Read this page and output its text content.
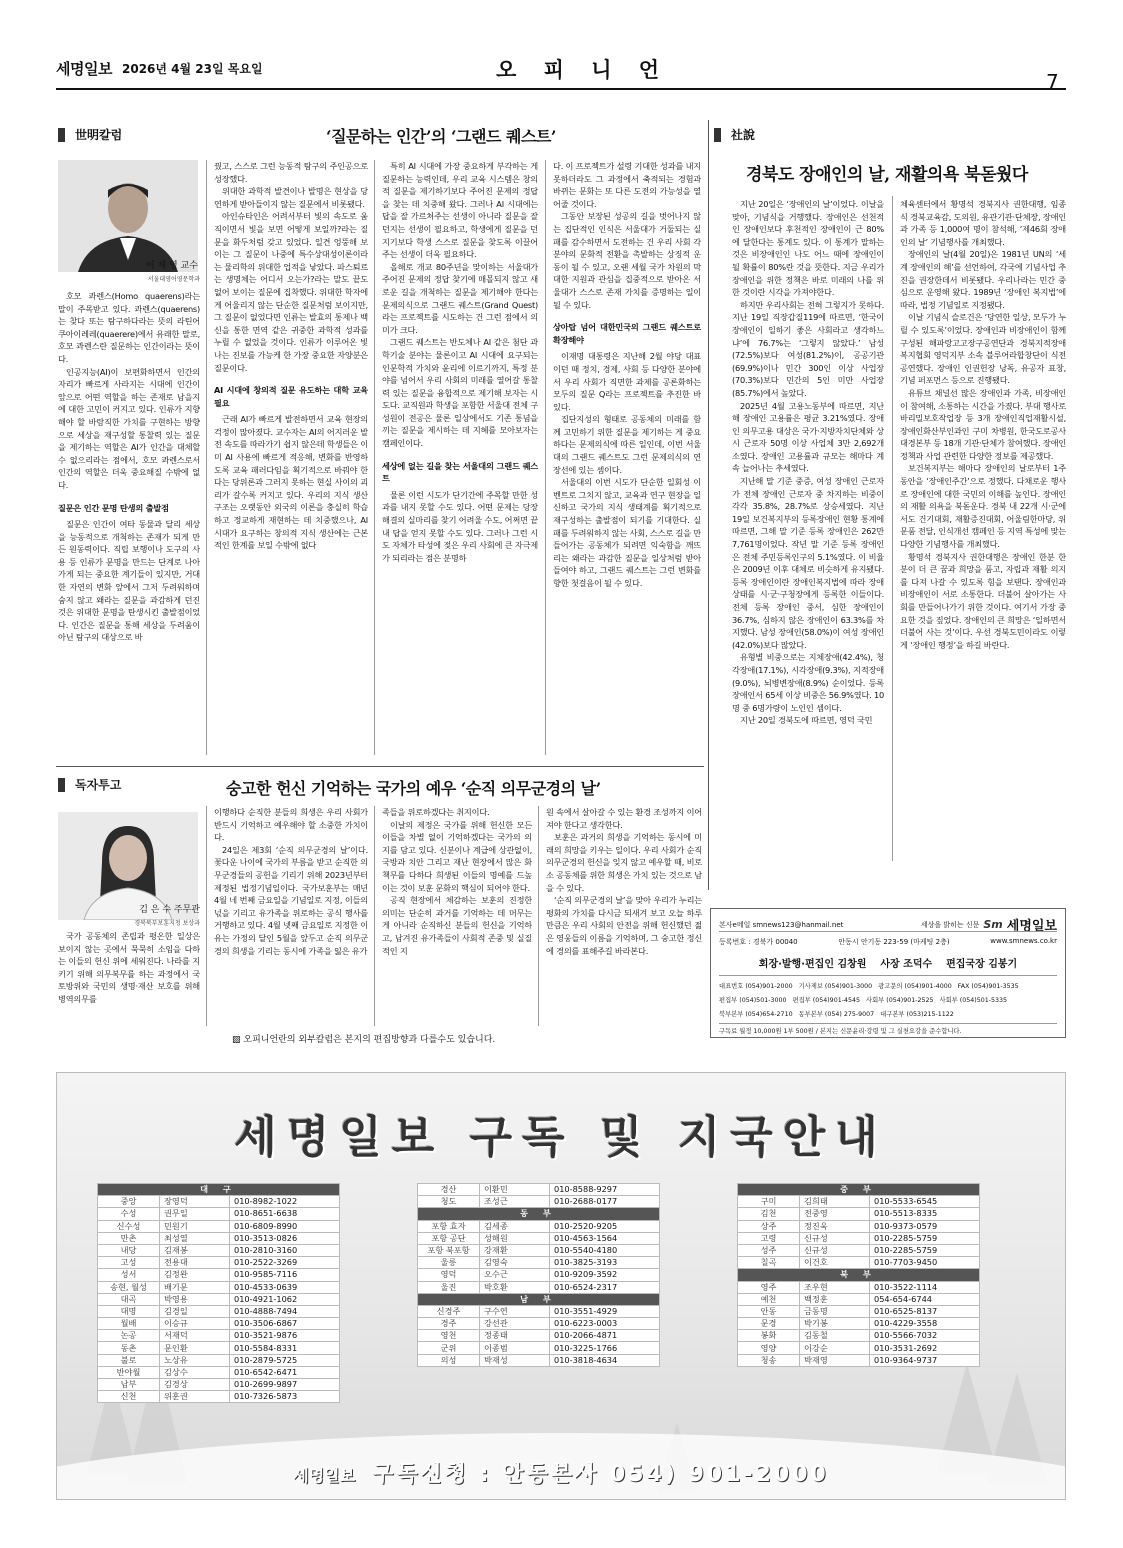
세명일보 2026년 4월 23일 목요일	오 피 니 언	7
世明칼럼	‘질문하는 인간’의 ‘그랜드 퀘스트’
이 재 영 교수
서울대영어영문학과

호모 콰렌스(Homo quaerens)라는 말이 주목받고 있다. 콰렌스(quaerens)는 찾다 또는 탐구하다라는 뜻의 라틴어 쿠아이레레(quaerere)에서 유래한 말로, 호모 콰렌스란 질문하는 인간이라는 뜻이다.

인공지능(AI)이 보편화하면서 인간의 자리가 빠르게 사라지는 시대에 인간이 앞으로 어떤 역할을 하는 존재로 남을지에 대한 고민이 커지고 있다. 인류가 지향해야 할 바람직한 가치를 구현하는 방향으로 세상을 재구성할 통찰력 있는 질문을 제기하는 역할은 AI가 인간을 대체할 수 없으리라는 점에서, 호모 콰렌스로서 인간의 역할은 더욱 중요해질 수밖에 없다.

질문은 인간 문명 탄생의 출발점

질문은 인간이 여타 동물과 달리 세상을 능동적으로 개척하는 존재가 되게 만든 원동력이다. 직립 보행이나 도구의 사용 등 인류가 문명을 만드는 단계로 나아가게 되는 중요한 계기들이 있지만, 거대한 자연의 변화 앞에서 그저 두려워하며 숨지 않고 왜라는 질문을 과감하게 던진 것은 위대한 문명을 탄생시킨 출발점이었다. 인간은 질문을 통해 세상을 두려움이 아닌 탐구의 대상으로 바

꿨고, 스스로 그런 능동적 탐구의 주인공으로 성장했다.

위대한 과학적 발견이나 발명은 현상을 당연하게 받아들이지 않는 질문에서 비롯됐다.

아인슈타인은 어려서부터 빛의 속도로 움직이면서 빛을 보면 어떻게 보일까?라는 질문을 화두처럼 갖고 있었다. 일견 엉뚱해 보이는 그 질문이 나중에 특수상대성이론이라는 물리학의 위대한 업적을 낳았다. 파스퇴르는 생명체는 어디서 오는가?라는 말도 끝도 없어 보이는 질문에 집착했다. 위대한 학자에게 어울리지 않는 단순한 질문처럼 보이지만, 그 질문이 없었다면 인류는 발효의 통제나 백신을 통한 면역 같은 귀중한 과학적 성과를 누릴 수 없었을 것이다. 인류가 이루어온 빛나는 진보를 가능케 한 가장 중요한 자양분은 질문이다.

AI 시대에 창의적 질문 유도하는 대학 교육 필요

근래 AI가 빠르게 발전하면서 교육 현장의 걱정이 많아졌다. 교수자는 AI의 어지러운 발전 속도를 따라가기 쉽지 않은데 학생들은 이미 AI 사용에 빠르게 적응해, 변화를 반영하도록 교육 패러다임을 획기적으로 바꿔야 한다는 당위론과 그러지 못하는 현실 사이의 괴리가 갈수록 커지고 있다. 우리의 지식 생산 구조는 오랫동안 외국의 이론을 충실히 학습하고 정교하게 재현하는 데 치중했으나, AI 시대가 요구하는 창의적 지식 생산에는 근본적인 한계를 보일 수밖에 없다

특히 AI 시대에 가장 중요하게 부각하는 게 질문하는 능력인데, 우리 교육 시스템은 창의적 질문을 제기하기보다 주어진 문제의 정답을 찾는 데 치중해 왔다. 그러나 AI 시대에는 답을 잘 가르쳐주는 선생이 아니라 질문을 잘 던지는 선생이 필요하고, 학생에게 질문을 던지기보다 학생 스스로 질문을 찾도록 이끌어주는 선생이 더욱 필요하다.

올해로 개교 80주년을 맞이하는 서울대가 주어진 문제의 정답 찾기에 매몰되지 않고 새로운 길을 개척하는 질문을 제기해야 한다는 문제의식으로 그랜드 퀘스트(Grand Quest)라는 프로젝트를 시도하는 건 그런 점에서 의미가 크다.

그랜드 퀘스트는 반도체나 AI 같은 첨단 과학기술 분야는 물론이고 AI 시대에 요구되는 인문학적 가치와 윤리에 이르기까지, 특정 분야를 넘어서 우리 사회의 미래를 열어갈 통찰력 있는 질문을 융합적으로 제기해 보자는 시도다. 교직원과 학생을 포함한 서울대 전체 구성원이 전공은 물론 일상에서도 기존 통념을 끼는 질문을 제시하는 데 지혜를 모아보자는 캠페인이다.

세상에 없는 길을 찾는 서울대의 그랜드 퀘스트

물론 이런 시도가 단기간에 주목할 만한 성과를 내지 못할 수도 있다. 어떤 문제는 당장 해결의 실마리를 찾기 어려울 수도, 어쩌면 끝내 답을 얻지 못할 수도 있다. 그러나 그런 시도 자체가 타성에 젖은 우리 사회에 큰 자극제가 되리라는 점은 분명하

다. 이 프로젝트가 설령 기대한 성과를 내지 못하더라도 그 과정에서 축적되는 경험과 바뀌는 문화는 또 다른 도전의 가능성을 열어줄 것이다.

그동안 보장된 성공의 길을 벗어나지 않는 집단적인 인식은 서울대가 거둘되는 실패를 감수하면서 도전하는 건 우리 사회 각 분야의 문화적 전환을 촉발하는 상징적 운동이 될 수 있고, 오랜 세월 국가 차원의 막대한 지원과 관심을 집중적으로 받아온 서울대가 스스로 존재 가치를 증명하는 일이 될 수 있다.

상아탑 넘어 대한민국의 그랜드 퀘스트로 확장해야

이재명 대통령은 지난해 2월 야당 대표이던 때 정치, 경제, 사회 등 다양한 분야에서 우리 사회가 직면한 과제를 공론화하는 모두의 질문 Q라는 프로젝트를 추진한 바 있다.

집단지성의 형태로 공동체의 미래를 함께 고민하기 위한 질문을 제기하는 게 중요하다는 문제의식에 따른 일인데, 이번 서울대의 그랜드 퀘스트도 그런 문제의식의 연장선에 있는 셈이다.

서울대의 이번 시도가 단순한 일회성 이벤트로 그치지 않고, 교육과 연구 현장을 일신하고 국가의 지식 생태계를 획기적으로 재구성하는 출발점이 되기를 기대한다. 실패를 두려워하지 않는 사회, 스스로 길을 만들어가는 공동체가 되려면 익숙함을 깨뜨리는 왜라는 과감한 질문을 일상처럼 받아들여야 하고, 그랜드 퀘스트는 그런 변화를 향한 첫걸음이 될 수 있다.

社說
경북도 장애인의 날, 재활의욕 북돋웠다

지난 20일은 ‘장애인의 날’이었다. 이날을 맞아, 기념식을 거행했다. 장애인은 선천적인 장애인보다 후천적인 장애인이 근 80%에 달한다는 통계도 있다. 이 통계가 말하는 것은 비장애인인 나도 어느 때에 장애인이 될 확률이 80%란 것을 뜻한다. 지금 우리가 장애인을 위한 정책은 바로 미래의 나를 위한 것이란 시각을 가져야한다.

하지만 우리사회는 전혀 그렇지가 못하다. 지난 19일 직장갑질119에 따르면, ‘한국이 장애인이 일하기 좋은 사회라고 생각하느냐’에 76.7%는 ‘그렇지 않았다.’ 남성(72.5%)보다 여성(81.2%)이, 공공기관(69.9%)이나 민간 300인 이상 사업장(70.3%)보다 민간의 5인 미만 사업장(85.7%)에서 높았다.

2025년 4월 고용노동부에 따르면, 지난해 장애인 고용률은 평균 3.21%였다. 장애인 의무고용 대상은 국가·지방자치단체와 상시 근로자 50명 이상 사업체 3만 2,692개소였다. 장애인 고용률과 규모는 해마다 계속 늘어나는 추세였다.

지난해 말 기준 중증, 여성 장애인 근로자가 전체 장애인 근로자 중 차지하는 비중이 각각 35.8%, 28.7%로 상승세였다. 지난 19일 보건복지부의 등록장애인 현황 통계에 따르면, 그해 말 기준 등록 장애인은 262만 7,761명이었다. 작년 말 기준 등록 장애인은 전체 주민등록인구의 5.1%였다. 이 비율은 2009년 이후 대체로 비슷하게 유지됐다. 등록 장애인이란 장애인복지법에 따라 장애 상태를 시·군·구청장에게 등록한 이들이다. 전체 등록 장애인 중서, 심한 장애인이 36.7%, 심하지 않은 장애인이 63.3%를 차지했다. 남성 장애인(58.0%)이 여성 장애인(42.0%)보다 많았다.

유형별 비중으로는 지체장애(42.4%), 청각장애(17.1%), 시각장애(9.3%), 지적장애(9.0%), 뇌병변장애(8.9%) 순이었다. 등록 장애인서 65세 이상 비중은 56.9%였다. 10명 중 6명가량이 노인인 셈이다.

지난 20일 경북도에 따르면, 영덕 국민

체육센터에서 황명석 경북지사 권한대행, 임종식 경북교육감, 도의원, 유관기관·단체장, 장애인과 가족 등 1,000여 명이 참석해, ‘제46회 장애인의 날’ 기념행사를 개최했다.

장애인의 날(4월 20일)은 1981년 UN의 ‘세계 장애인의 해’를 선언하여, 각국에 기념사업 추진을 권장한데서 비롯됐다. 우리나라는 민간 중심으로 운영해 왔다. 1989년 ‘장애인 복지법’에 따라, 법정 기념일로 지정됐다.

이날 기념식 슬로건은 ‘당연한 일상, 모두가 누릴 수 있도록’이었다. 장애인과 비장애인이 함께 구성된 해파랑고고장구공연단과 경북지적장애복지협회 영덕지부 소속 블루어라합창단이 식전 공연했다. 장애인 인권헌장 낭독, 유공자 표창, 기념 퍼포먼스 등으로 진행됐다.

유튜브 채널선 많은 장애인과 가족, 비장애인이 참여해, 소통하는 시간을 가졌다. 부대 행사로 바리밀보호작업장 등 3개 장애인직업재활시설, 장애인화산부인과인 구미 차병원, 한국도로공사 대경본부 등 18개 기관·단체가 참여했다. 장애인 정책과 사업 관련한 다양한 정보를 제공했다.

보건복지부는 해마다 장애인의 날로부터 1주 동안을 ‘장애인주간’으로 정했다. 다채로운 행사로 장애인에 대한 국민의 이해를 높인다. 장애인의 재활 의욕을 북돋운다. 경북 내 22개 시·군에서도 건기대회, 재활증진대회, 어울림한마당, 위문품 전달, 인식개선 캠페인 등 지역 특성에 맞는 다양한 기념행사를 개최했다.

황명석 경북지사 권한대행은 장애인 한분 한분이 더 큰 꿈과 희망을 품고, 자립과 재활 의지를 다져 나갈 수 있도록 힘을 보탠다. 장애인과 비장애인이 서로 소통한다. 더불어 살아가는 사회를 만들어나가기 위한 것이다. 여기서 가장 중요한 것을 짚었다. 장애인의 큰 희망은 ‘일하면서 더불어 사는 것’이다. 우선 경북도민이라도 이렇게 ‘장애인 행정’을 하길 바란다.

독자투고	숭고한 헌신 기억하는 국가의 예우 ‘순직 의무군경의 날’
김 은 수 주무관
경북북부보훈지청 보상과

국가 공동체의 존립과 평온한 일상은 보이지 않는 곳에서 묵묵히 소임을 다하는 이들의 헌신 위에 세워진다. 나라를 지키기 위해 의무복무를 하는 과정에서 국토방위와 국민의 생명·재산 보호를 위해 병역의무를

이행하다 순직한 분들의 희생은 우리 사회가 반드시 기억하고 예우해야 할 소중한 가치이다.

24일은 제3회 ‘순직 의무군경의 날’이다. 꽃다운 나이에 국가의 부름을 받고 순직한 의무군경들의 공헌을 기리기 위해 2023년부터 제정된 법정기념일이다. 국가보훈부는 매년 4월 네 번째 금요일을 기념일로 지정, 이들의 넋을 기리고 유가족을 위로하는 공식 행사를 거행하고 있다. 4월 넷째 금요일로 지정한 이유는 가정의 달인 5월을 앞두고 순직 의무군경의 희생을 기리는 동시에 가족을 잃은 유가

족들을 위로하겠다는 취지이다.

이날의 제정은 국가를 위해 헌신한 모든 이들을 차별 없이 기억하겠다는 국가의 의지를 담고 있다. 신분이나 계급에 상관없이, 국방과 치안 그리고 재난 현장에서 많은 화 책무를 다하다 희생된 이들의 명예를 드높이는 것이 보훈 문화의 핵심이 되어야 한다.

공직 현장에서 체감하는 보훈의 진정한 의미는 단순히 과거를 기억하는 데 머무는 게 아니라 순직하신 분들의 헌신을 기억하고, 남겨진 유가족들이 사회적 존중 및 실질적인 지

원 속에서 살아갈 수 있는 환경 조성까지 이어져야 한다고 생각한다.

보훈은 과거의 희생을 기억하는 동시에 미래의 희망을 키우는 일이다. 우리 사회가 순직 의무군경의 헌신을 잊지 않고 예우할 때, 비로소 공동체를 위한 희생은 가치 있는 것으로 남을 수 있다.

‘순직 의무군경의 날’을 맞아 우리가 누리는 평화의 가치를 다시금 되새겨 보고 오늘 하루만큼은 우리 사회의 안전을 위해 헌신했던 젊은 영웅들의 이름을 기억하며, 그 숭고한 정신에 경의를 표해주길 바라본다.

▨ 오피니언란의 외부칼럼은 본지의 편집방향과 다를수도 있습니다.
본사e메일 smnews123@hanmail.net	세상을 밝히는 신문 Sm 세명일보
등록번호 : 경북가 00040	안동시 안기동 223-59 (마케팅 2층)	www.smnews.co.kr
회장·발행·편집인 김창원    사장 조덕수    편집국장 김봉기
대표번호 (054)901-2000   기사제보 (054)901-3000   광고문의 (054)901-4000   FAX (054)901-3535
편집부 (054)501-3000   편집부 (054)901-4545   사회부 (054)901-2525   사회부 (054)501-5335
북부본부 (054)654-2710   동부본부 (054) 275-9007   대구본부 (053)215-1122
구독료 월정 10,000원 1부 500원 / 본지는 신문윤리·강령 및 그 실천요강을 준수합니다.
세명일보 구독 및 지국안내
대 구		
중앙	장영덕	010-8982-1022
수성	권무일	010-8651-6638
신수성	민원기	010-6809-8990
만촌	최성열	010-3513-0826
내당	김재봉	010-2810-3160
고성	전용대	010-2522-3269
성서	김정완	010-9585-7116
송현, 월성	배기문	010-4533-0639
대곡	박영용	010-4921-1062
대명	김경일	010-4888-7494
월배	이승규	010-3506-6867
논공	서재덕	010-3521-9876
동촌	문인환	010-5584-8331
불로	노상유	010-2879-5725
반야월	김상수	010-6542-6471
남부	김경상	010-2699-9897
신천	위훈권	010-7326-5873
경산	이환민	010-8588-9297
청도	조성근	010-2688-0177
동 부		
포항 효자	김세종	010-2520-9205
포항 공단	성해원	010-4563-1564
포항 북포항	강재환	010-5540-4180
울릉	김영숙	010-3825-3193
영덕	오수근	010-9209-3592
울진	박호환	010-6524-2317
남 부		
신경주	구수연	010-3551-4929
경주	강선관	010-6223-0003
영천	정종태	010-2066-4871
군위	이종범	010-3225-1766
의성	박재성	010-3818-4634
중 부		
구미	김희태	010-5533-6545
김천	전중영	010-5513-8335
상주	정진욱	010-9373-0579
고령	신규성	010-2285-5759
성주	신규성	010-2285-5759
칠곡	이건호	010-7703-9450
북 부		
영주	조우현	010-3522-1114
예천	백정훈	054-654-6744
안동	금동명	010-6525-8137
문경	박기봉	010-4229-3558
봉화	김동철	010-5566-7032
영양	이강순	010-3531-2692
청송	박재영	010-9364-9737
세명일보 구독신청 : 안동본사 054) 901-2000
